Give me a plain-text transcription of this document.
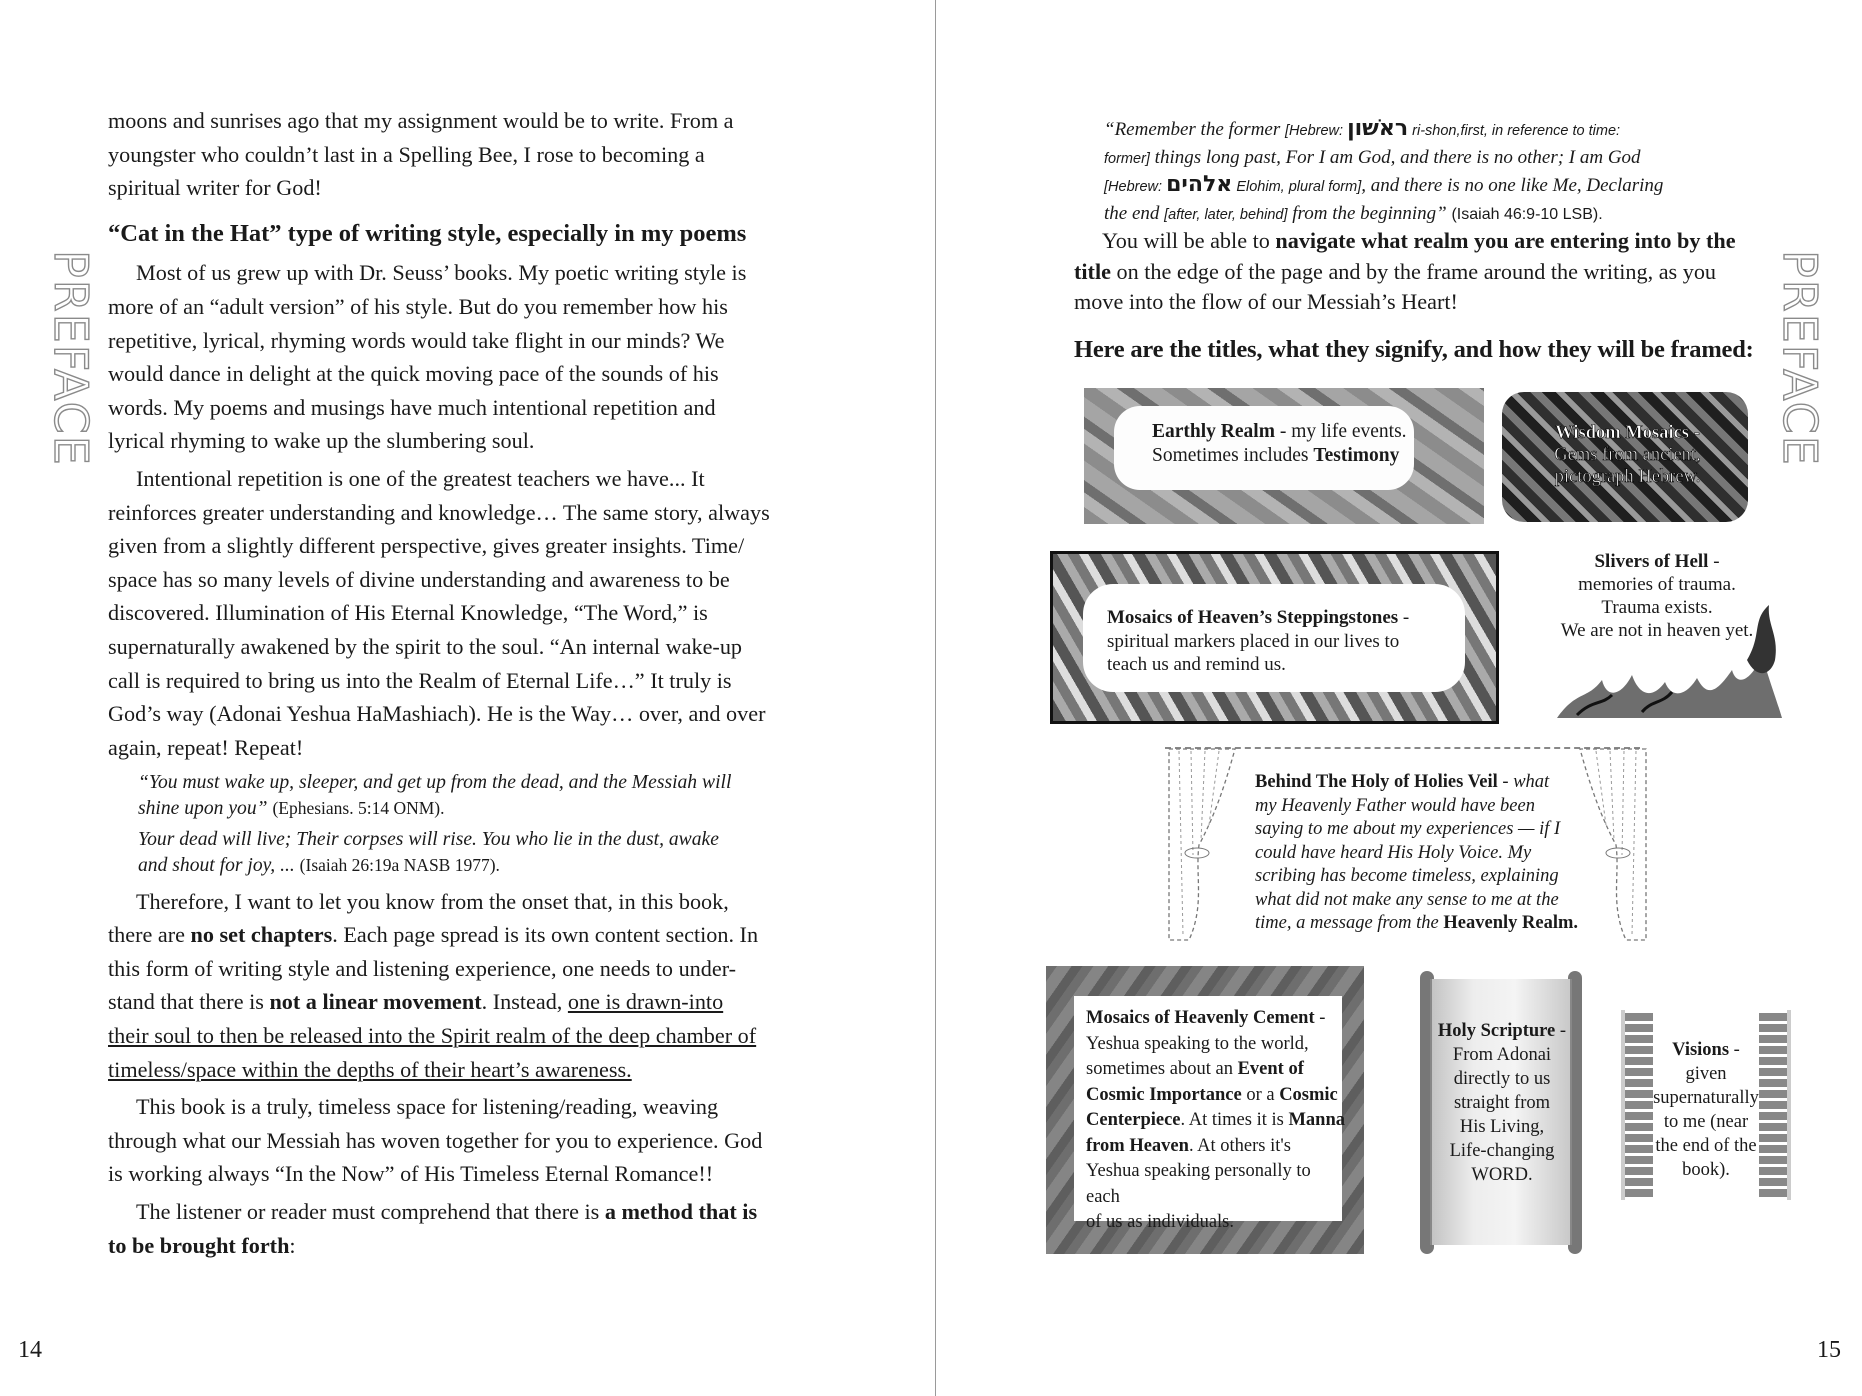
PREFACE

moons and sunrises ago that my assignment would be to write. From a
youngster who couldn’t last in a Spelling Bee, I rose to becoming a
spiritual writer for God!

“Cat in the Hat” type of writing style, especially in my poems

Most of us grew up with Dr. Seuss’ books. My poetic writing style is
more of an “adult version” of his style. But do you remember how his
repetitive, lyrical, rhyming words would take flight in our minds? We
would dance in delight at the quick moving pace of the sounds of his
words. My poems and musings have much intentional repetition and
lyrical rhyming to wake up the slumbering soul.

Intentional repetition is one of the greatest teachers we have... It
reinforces greater understanding and knowledge… The same story, always
given from a slightly different perspective, gives greater insights. Time/
space has so many levels of divine understanding and awareness to be
discovered. Illumination of His Eternal Knowledge, “The Word,” is
supernaturally awakened by the spirit to the soul. “An internal wake-up
call is required to bring us into the Realm of Eternal Life…” It truly is
God’s way (Adonai Yeshua HaMashiach). He is the Way… over, and over
again, repeat! Repeat!

“You must wake up, sleeper, and get up from the dead, and the Messiah will
shine upon you” (Ephesians. 5:14 ONM).

Your dead will live; Their corpses will rise. You who lie in the dust, awake
and shout for joy, ... (Isaiah 26:19a NASB 1977).

Therefore, I want to let you know from the onset that, in this book,
there are no set chapters. Each page spread is its own content section. In
this form of writing style and listening experience, one needs to under-
stand that there is not a linear movement. Instead, one is drawn-into
their soul to then be released into the Spirit realm of the deep chamber of
timeless/space within the depths of their heart’s awareness.

This book is a truly, timeless space for listening/reading, weaving
through what our Messiah has woven together for you to experience. God
is working always “In the Now” of His Timeless Eternal Romance!!

The listener or reader must comprehend that there is a method that is
to be brought forth:

14
PREFACE
“Remember the former [Hebrew: ראשׁון ri-shon,first, in reference to time:
former] things long past, For I am God, and there is no other; I am God
[Hebrew: אלהים Elohim, plural form], and there is no one like Me, Declaring
the end [after, later, behind] from the beginning” (Isaiah 46:9-10 LSB).

You will be able to navigate what realm you are entering into by the
title on the edge of the page and by the frame around the writing, as you
move into the flow of our Messiah’s Heart!

Here are the titles, what they signify, and how they will be framed:

Earthly Realm - my life events.
Sometimes includes Testimony
Wisdom Mosaics -
Gems from ancient,
pictograph Hebrew.
Mosaics of Heaven’s Steppingstones -
spiritual markers placed in our lives to
teach us and remind us.
Slivers of Hell -
memories of trauma.
Trauma exists.
We are not in heaven yet.
Behind The Holy of Holies Veil - what
my Heavenly Father would have been
saying to me about my experiences — if I
could have heard His Holy Voice. My
scribing has become timeless, explaining
what did not make any sense to me at the
time, a message from the Heavenly Realm.
Mosaics of Heavenly Cement -
Yeshua speaking to the world,
sometimes about an Event of
Cosmic Importance or a Cosmic
Centerpiece. At times it is Manna
from Heaven. At others it's
Yeshua speaking personally to each
of us as individuals.
Holy Scripture -
From Adonai
directly to us
straight from
His Living,
Life-changing
WORD.
Visions -
given
supernaturally
to me (near
the end of the
book).
15
